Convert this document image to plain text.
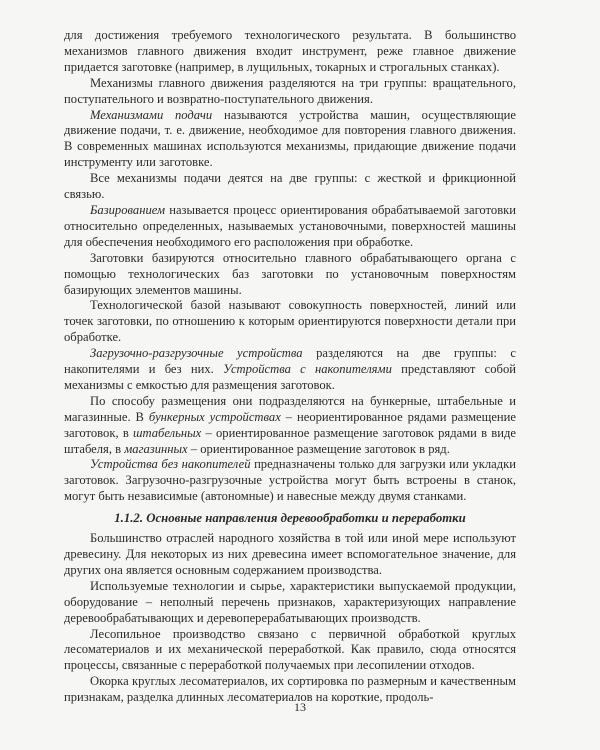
для достижения требуемого технологического результата. В большинство механизмов главного движения входит инструмент, реже главное движение придается заготовке (например, в лущильных, токарных и строгальных станках).

Механизмы главного движения разделяются на три группы: вращательного, поступательного и возвратно-поступательного движения.

Механизмами подачи называются устройства машин, осуществляющие движение подачи, т. е. движение, необходимое для повторения главного движения. В современных машинах используются механизмы, придающие движение подачи инструменту или заготовке.

Все механизмы подачи деятся на две группы: с жесткой и фрикционной связью.

Базированием называется процесс ориентирования обрабатываемой заготовки относительно определенных, называемых установочными, поверхностей машины для обеспечения необходимого его расположения при обработке.

Заготовки базируются относительно главного обрабатывающего органа с помощью технологических баз заготовки по установочным поверхностям базирующих элементов машины.

Технологической базой называют совокупность поверхностей, линий или точек заготовки, по отношению к которым ориентируются поверхности детали при обработке.

Загрузочно-разгрузочные устройства разделяются на две группы: с накопителями и без них. Устройства с накопителями представляют собой механизмы с емкостью для размещения заготовок.

По способу размещения они подразделяются на бункерные, штабельные и магазинные. В бункерных устройствах – неориентированное рядами размещение заготовок, в штабельных – ориентированное размещение заготовок рядами в виде штабеля, в магазинных – ориентированное размещение заготовок в ряд.

Устройства без накопителей предназначены только для загрузки или укладки заготовок. Загрузочно-разгрузочные устройства могут быть встроены в станок, могут быть независимые (автономные) и навесные между двумя станками.

1.1.2. Основные направления деревообработки и переработки

Большинство отраслей народного хозяйства в той или иной мере используют древесину. Для некоторых из них древесина имеет вспомогательное значение, для других она является основным содержанием производства.

Используемые технологии и сырье, характеристики выпускаемой продукции, оборудование – неполный перечень признаков, характеризующих направление деревообрабатывающих и деревоперерабатывающих производств.

Лесопильное производство связано с первичной обработкой круглых лесоматериалов и их механической переработкой. Как правило, сюда относятся процессы, связанные с переработкой получаемых при лесопилении отходов.

Окорка круглых лесоматериалов, их сортировка по размерным и качественным признакам, разделка длинных лесоматериалов на короткие, продоль-

13
